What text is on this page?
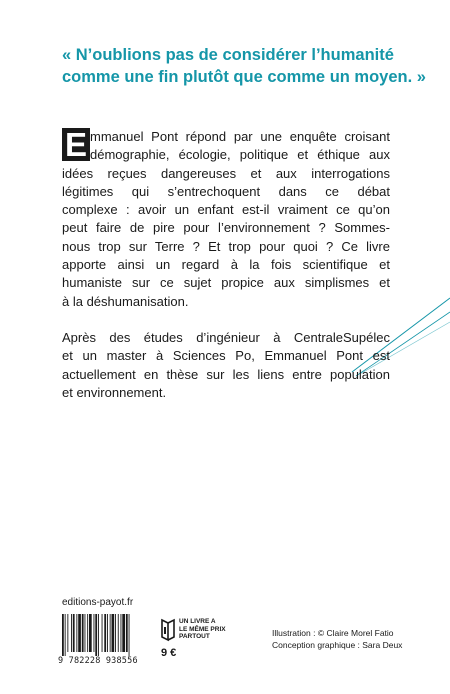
« N’oublions pas de considérer l’humanité
comme une fin plutôt que comme un moyen. »

E mmanuel Pont répond par une enquête croisant
démographie, écologie, politique et éthique aux
idées reçues dangereuses et aux interrogations
légitimes qui s’entrechoquent dans ce débat
complexe : avoir un enfant est-il vraiment ce qu’on
peut faire de pire pour l’environnement ? Sommes-
nous trop sur Terre ? Et trop pour quoi ? Ce livre
apporte ainsi un regard à la fois scientifique et
humaniste sur ce sujet propice aux simplismes et
à la déshumanisation.

Après des études d’ingénieur à CentraleSupélec
et un master à Sciences Po, Emmanuel Pont est
actuellement en thèse sur les liens entre population
et environnement.

editions-payot.fr
9 782228 938556
UN LIVRE A
LE MÊME PRIX
PARTOUT
9 €
Illustration : © Claire Morel Fatio
Conception graphique : Sara Deux
